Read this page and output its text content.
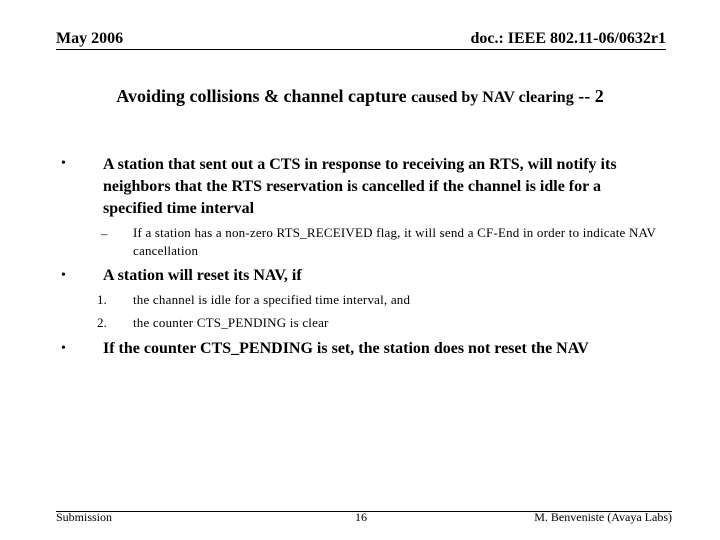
May 2006	doc.: IEEE 802.11-06/0632r1
Avoiding collisions & channel capture caused by NAV clearing -- 2
• A station that sent out a CTS in response to receiving an RTS, will notify its neighbors that the RTS reservation is cancelled if the channel is idle for a specified time interval
– If a station has a non-zero RTS_RECEIVED flag, it will send a CF-End in order to indicate NAV cancellation
• A station will reset its NAV, if
1. the channel is idle for a specified time interval, and
2. the counter CTS_PENDING is clear
• If the counter CTS_PENDING is set, the station does not reset the NAV
Submission	16	M. Benveniste (Avaya Labs)
